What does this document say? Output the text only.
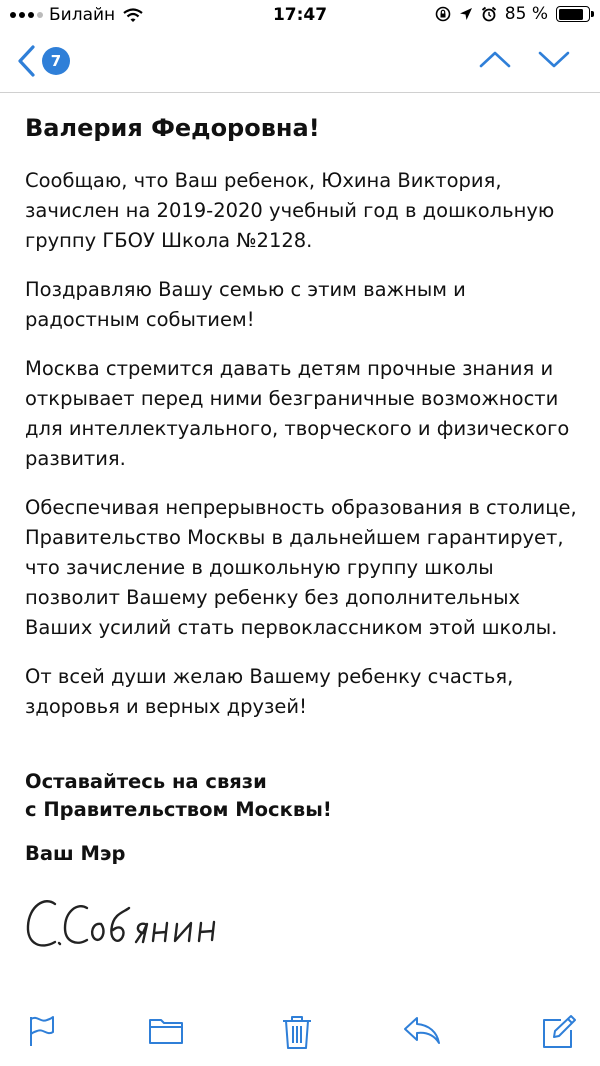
Билайн	17:47	85 %
7
Валерия Федоровна!

Сообщаю, что Ваш ребенок, Юхина Виктория, зачислен на 2019-2020 учебный год в дошкольную группу ГБОУ Школа №2128.

Поздравляю Вашу семью с этим важным и радостным событием!

Москва стремится давать детям прочные знания и открывает перед ними безграничные возможности для интеллектуального, творческого и физического развития.

Обеспечивая непрерывность образования в столице, Правительство Москвы в дальнейшем гарантирует, что зачисление в дошкольную группу школы позволит Вашему ребенку без дополнительных Ваших усилий стать первоклассником этой школы.

От всей души желаю Вашему ребенку счастья, здоровья и верных друзей!

Оставайтесь на связи
с Правительством Москвы!
Ваш Мэр
